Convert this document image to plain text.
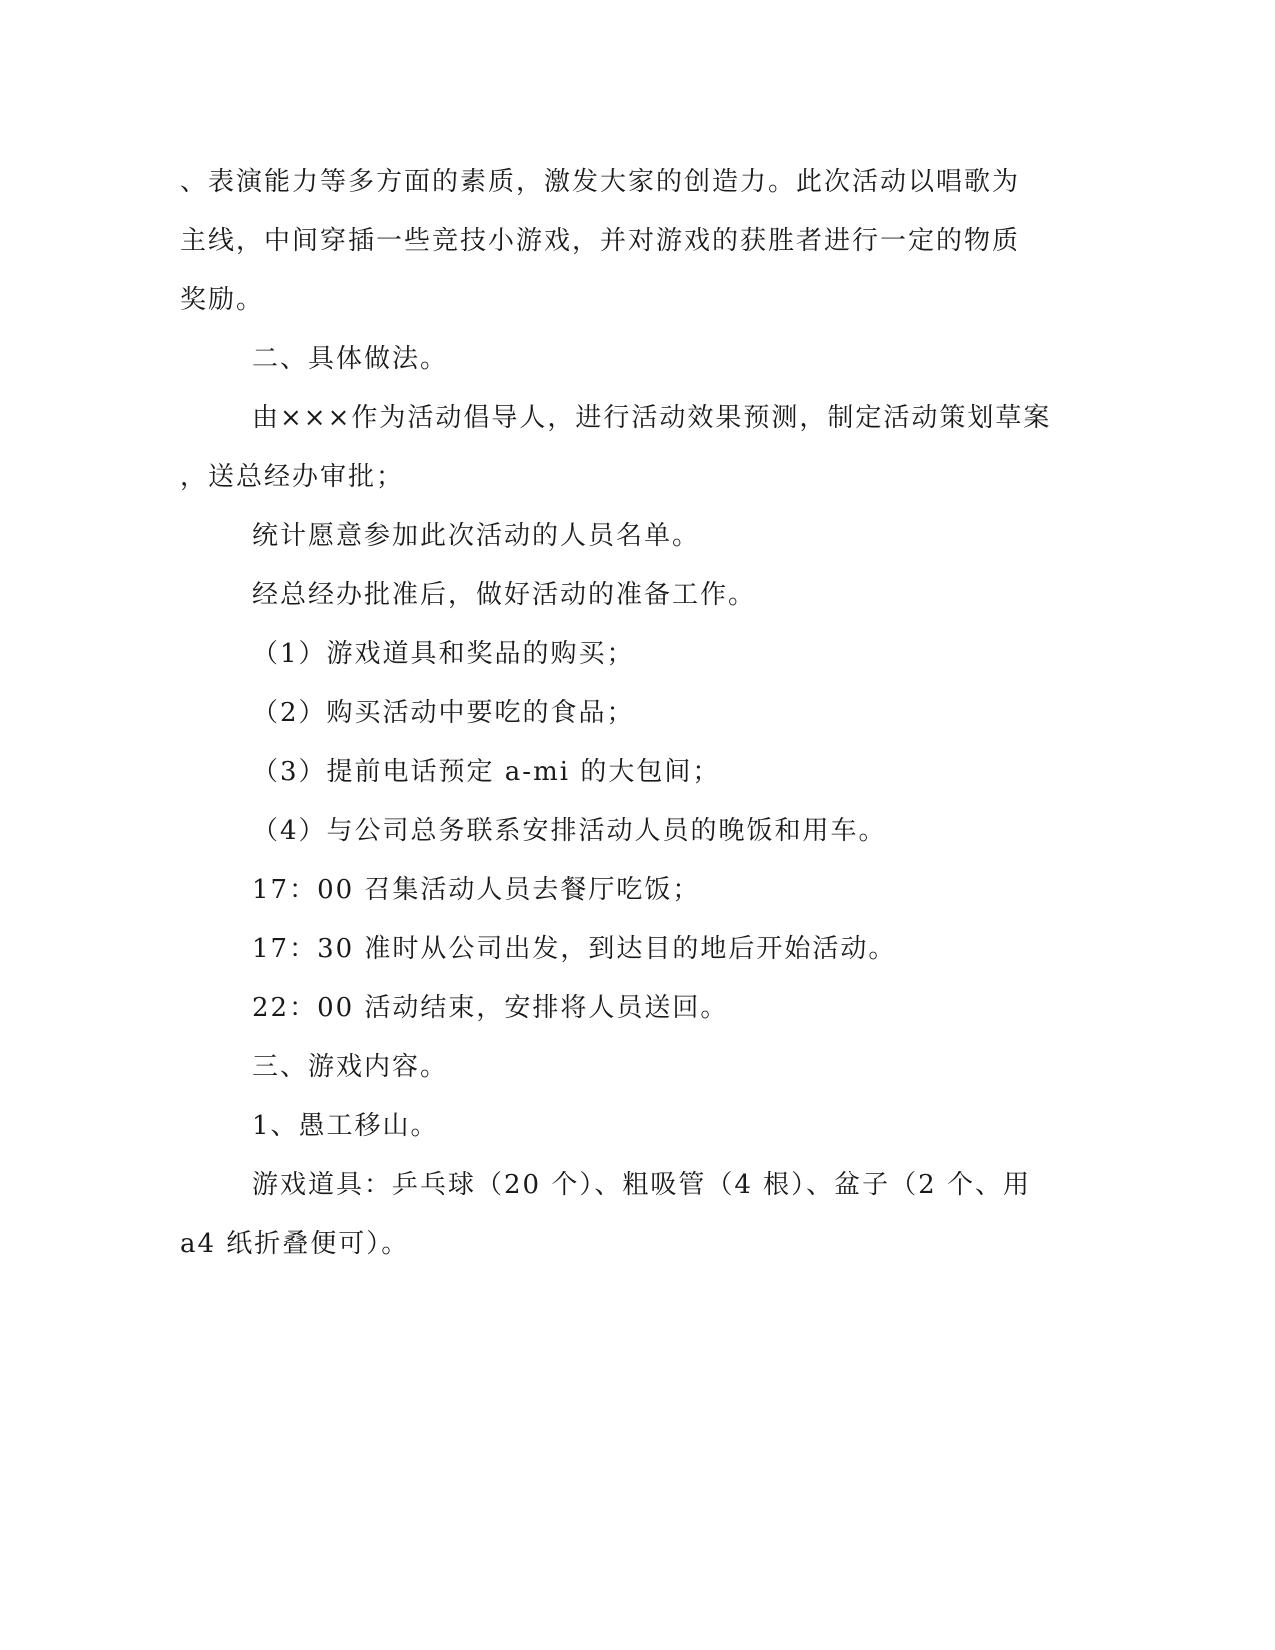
、表演能力等多方面的素质，激发大家的创造力。此次活动以唱歌为
主线，中间穿插一些竞技小游戏，并对游戏的获胜者进行一定的物质
奖励。
二、具体做法。
由×××作为活动倡导人，进行活动效果预测，制定活动策划草案
，送总经办审批；
统计愿意参加此次活动的人员名单。
经总经办批准后，做好活动的准备工作。
（1）游戏道具和奖品的购买；
（2）购买活动中要吃的食品；
（3）提前电话预定 a-mi 的大包间；
（4）与公司总务联系安排活动人员的晚饭和用车。
17：00 召集活动人员去餐厅吃饭；
17：30 准时从公司出发，到达目的地后开始活动。
22：00 活动结束，安排将人员送回。
三、游戏内容。
1、愚工移山。
游戏道具：乒乓球（20 个）、粗吸管（4 根）、盆子（2 个、用
a4 纸折叠便可）。
